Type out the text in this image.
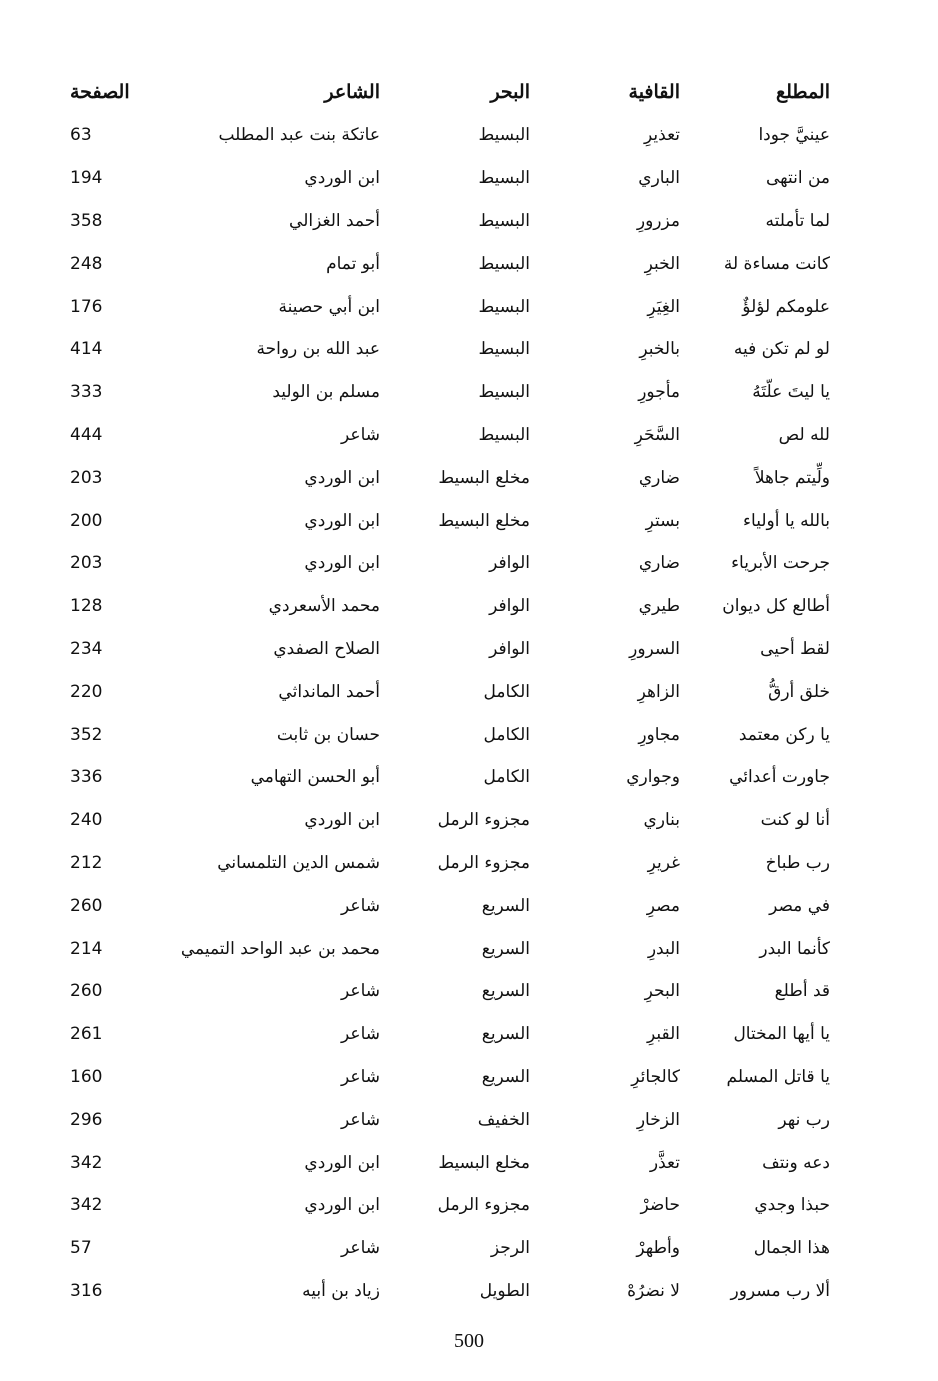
المطلع	القافية	البحر	الشاعر	الصفحة
عينيَّ جودا	تعذيرِ	البسيط	عاتكة بنت عبد المطلب	63
من انتهى	الباري	البسيط	ابن الوردي	194
لما تأملته	مزرورِ	البسيط	أحمد الغزالي	358
كانت مساءة لة	الخبرِ	البسيط	أبو تمام	248
علومكم لؤلؤٌ	الغِيَرِ	البسيط	ابن أبي حصينة	176
لو لم تكن فيه	بالخبرِ	البسيط	عبد الله بن رواحة	414
يا ليتَ علّتَهُ	مأجورِ	البسيط	مسلم بن الوليد	333
لله لص	السَّحَرِ	البسيط	شاعر	444
ولِّيتم جاهلاً	ضاري	مخلع البسيط	ابن الوردي	203
بالله يا أولياء	بسترِ	مخلع البسيط	ابن الوردي	200
جرحت الأبرياء	ضاري	الوافر	ابن الوردي	203
أطالع كل ديوان	طيري	الوافر	محمد الأسعردي	128
لقط أحيى	السرورِ	الوافر	الصلاح الصفدي	234
خلق أرقُّ	الزاهرِ	الكامل	أحمد المانداثي	220
يا ركن معتمد	مجاورِ	الكامل	حسان بن ثابت	352
جاورت أعدائي	وجواري	الكامل	أبو الحسن التهامي	336
أنا لو كنت	بناري	مجزوء الرمل	ابن الوردي	240
رب طباخ	غريرِ	مجزوء الرمل	شمس الدين التلمساني	212
في مصر	مصرِ	السريع	شاعر	260
كأنما البدر	البدرِ	السريع	محمد بن عبد الواحد التميمي	214
قد أطلع	البحرِ	السريع	شاعر	260
يا أيها المختال	القبرِ	السريع	شاعر	261
يا قاتل المسلم	كالجائرِ	السريع	شاعر	160
رب نهر	الزخارِ	الخفيف	شاعر	296
دعه ونتف	تعذَّر	مخلع البسيط	ابن الوردي	342
حبذا وجدي	حاضرْ	مجزوء الرمل	ابن الوردي	342
هذا الجمال	وأطهرْ	الرجز	شاعر	57
ألا رب مسرور	لا نضرُهْ	الطويل	زياد بن أبيه	316
500
